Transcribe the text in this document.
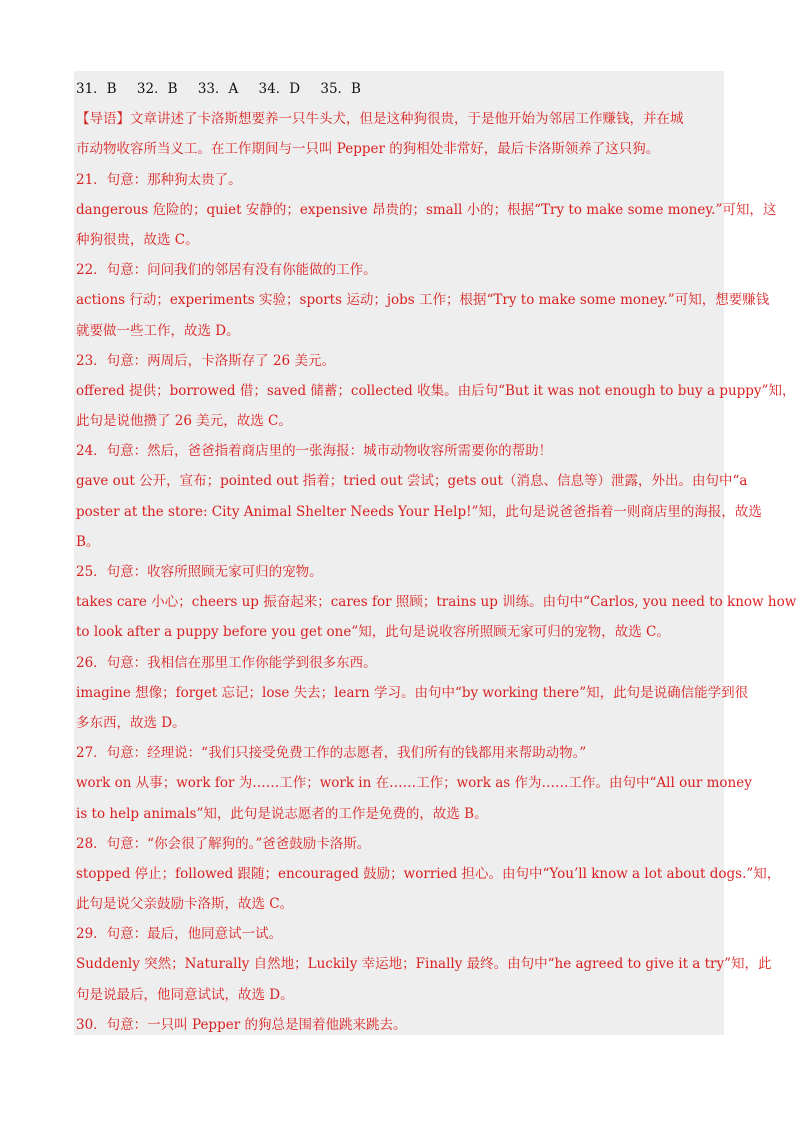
31．B 32．B 33．A 34．D 35．B
【导语】文章讲述了卡洛斯想要养一只牛头犬，但是这种狗很贵，于是他开始为邻居工作赚钱，并在城
市动物收容所当义工。在工作期间与一只叫 Pepper 的狗相处非常好，最后卡洛斯领养了这只狗。
21．句意：那种狗太贵了。
dangerous 危险的；quiet 安静的；expensive 昂贵的；small 小的；根据“Try to make some money.”可知，这
种狗很贵，故选 C。
22．句意：问问我们的邻居有没有你能做的工作。
actions 行动；experiments 实验；sports 运动；jobs 工作；根据“Try to make some money.”可知，想要赚钱
就要做一些工作，故选 D。
23．句意：两周后，卡洛斯存了 26 美元。
offered 提供；borrowed 借；saved 储蓄；collected 收集。由后句“But it was not enough to buy a puppy”知，
此句是说他攒了 26 美元，故选 C。
24．句意：然后，爸爸指着商店里的一张海报：城市动物收容所需要你的帮助！
gave out 公开，宣布；pointed out 指着；tried out 尝试；gets out（消息、信息等）泄露，外出。由句中“a
poster at the store: City Animal Shelter Needs Your Help!”知，此句是说爸爸指着一则商店里的海报，故选
B。
25．句意：收容所照顾无家可归的宠物。
takes care 小心；cheers up 振奋起来；cares for 照顾；trains up 训练。由句中“Carlos, you need to know how
to look after a puppy before you get one”知，此句是说收容所照顾无家可归的宠物，故选 C。
26．句意：我相信在那里工作你能学到很多东西。
imagine 想像；forget 忘记；lose 失去；learn 学习。由句中“by working there”知，此句是说确信能学到很
多东西，故选 D。
27．句意：经理说：“我们只接受免费工作的志愿者，我们所有的钱都用来帮助动物。”
work on 从事；work for 为……工作；work in 在……工作；work as 作为……工作。由句中“All our money
is to help animals”知，此句是说志愿者的工作是免费的，故选 B。
28．句意：“你会很了解狗的。”爸爸鼓励卡洛斯。
stopped 停止；followed 跟随；encouraged 鼓励；worried 担心。由句中“You’ll know a lot about dogs.”知，
此句是说父亲鼓励卡洛斯，故选 C。
29．句意：最后，他同意试一试。
Suddenly 突然；Naturally 自然地；Luckily 幸运地；Finally 最终。由句中“he agreed to give it a try”知，此
句是说最后，他同意试试，故选 D。
30．句意：一只叫 Pepper 的狗总是围着他跳来跳去。
